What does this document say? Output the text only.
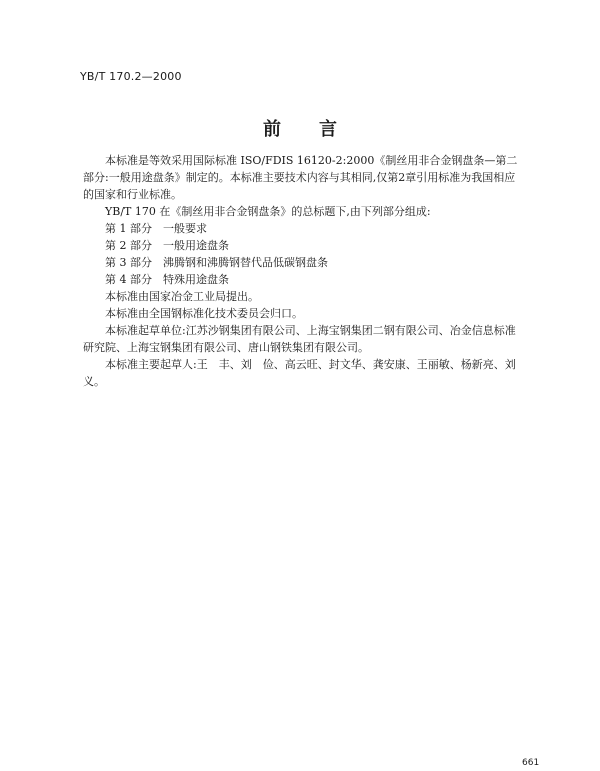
YB/T 170.2—2000
前言

本标准是等效采用国际标准 ISO/FDIS 16120-2:2000《制丝用非合金钢盘条—第二部分:一般用途盘条》制定的。本标准主要技术内容与其相同,仅第2章引用标准为我国相应的国家和行业标准。

YB/T 170 在《制丝用非合金钢盘条》的总标题下,由下列部分组成:

第 1 部分　一般要求

第 2 部分　一般用途盘条

第 3 部分　沸腾钢和沸腾钢替代品低碳钢盘条

第 4 部分　特殊用途盘条

本标准由国家冶金工业局提出。

本标准由全国钢标准化技术委员会归口。

本标准起草单位:江苏沙钢集团有限公司、上海宝钢集团二钢有限公司、冶金信息标准研究院、上海宝钢集团有限公司、唐山钢铁集团有限公司。

本标准主要起草人:王　丰、刘　俭、高云旺、封文华、龚安康、王丽敏、杨新亮、刘　义。

661
